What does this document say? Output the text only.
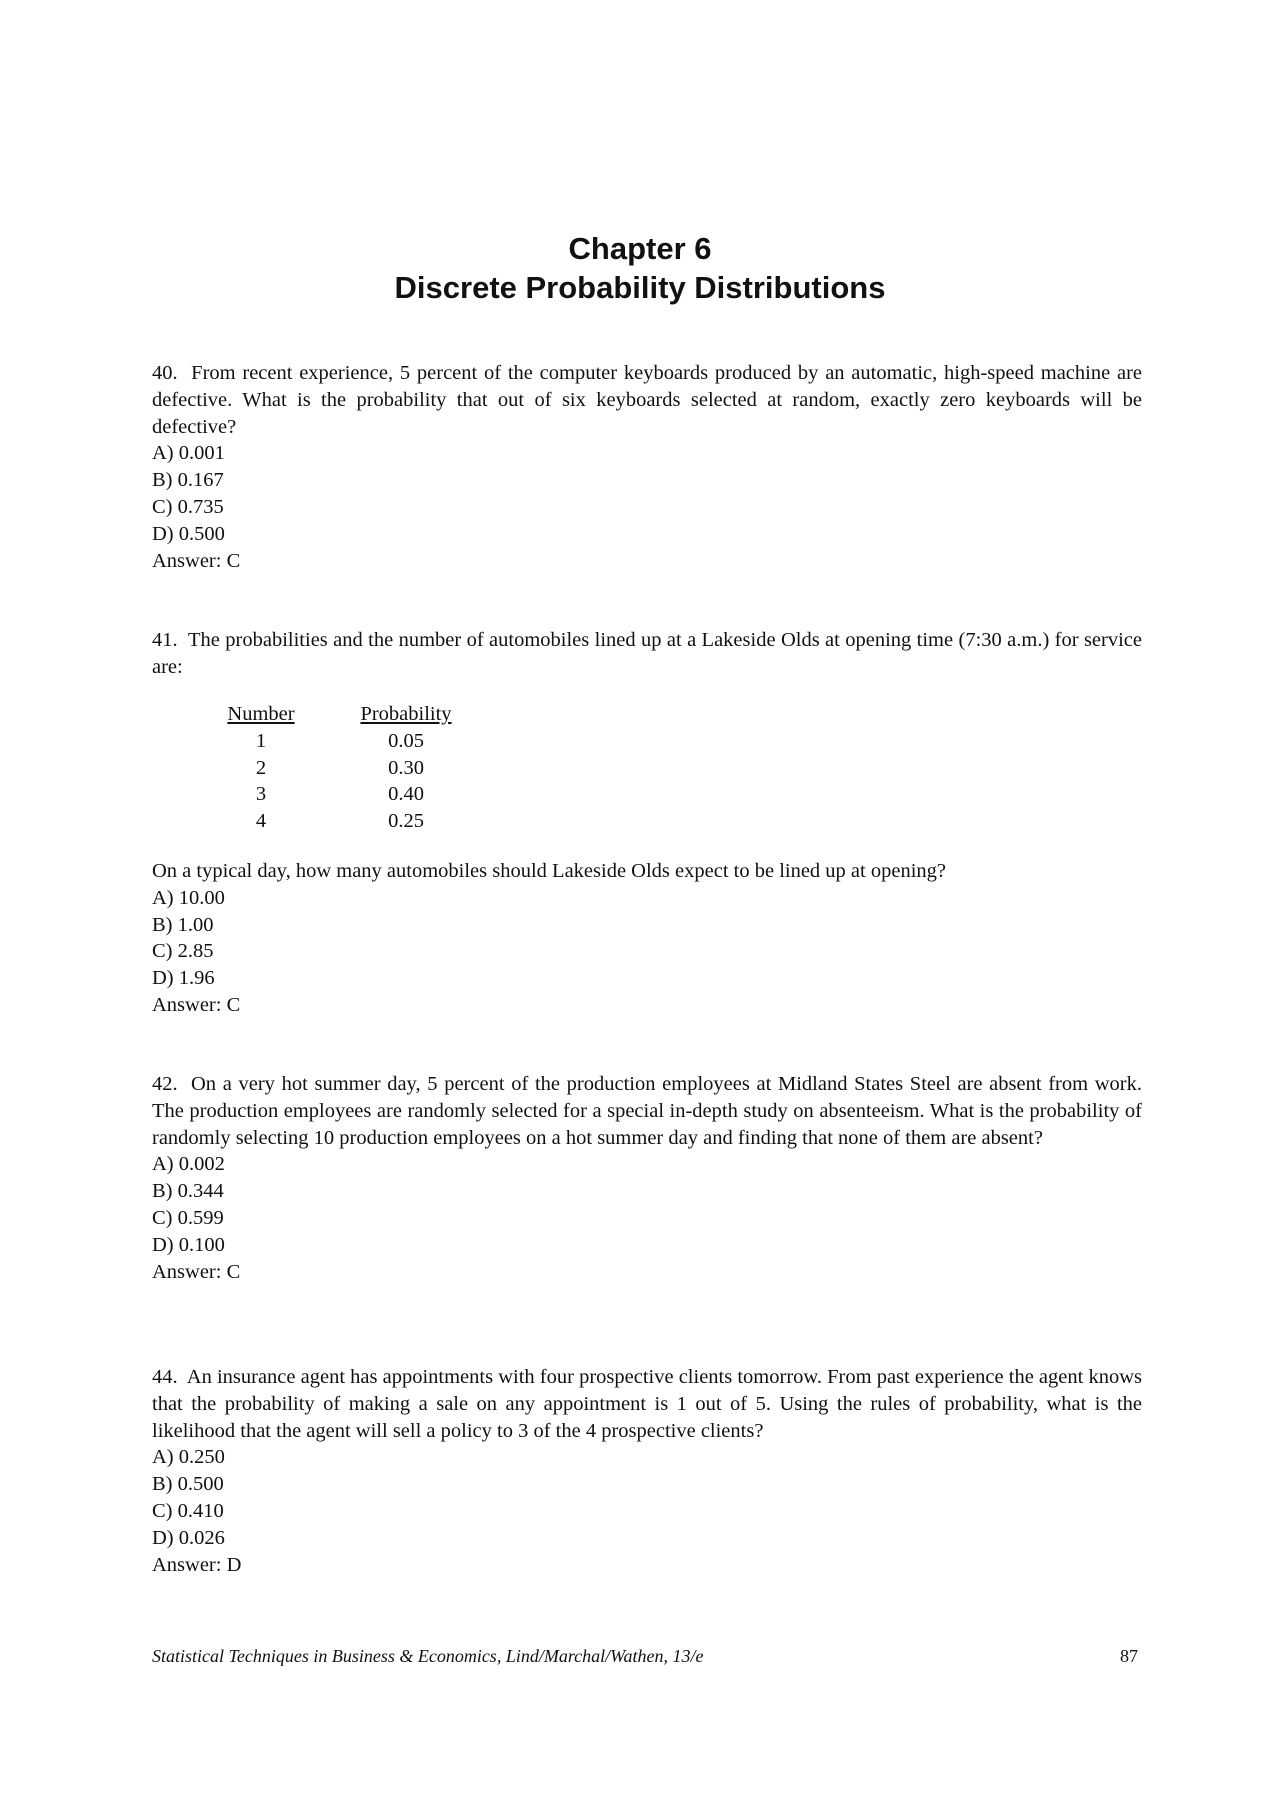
Chapter 6
Discrete Probability Distributions

40. From recent experience, 5 percent of the computer keyboards produced by an automatic, high-speed machine are defective. What is the probability that out of six keyboards selected at random, exactly zero keyboards will be defective?

A) 0.001
B) 0.167
C) 0.735
D) 0.500
Answer: C

41. The probabilities and the number of automobiles lined up at a Lakeside Olds at opening time (7:30 a.m.) for service are:

Number
1
2
3
4
Probability
0.05
0.30
0.40
0.25

On a typical day, how many automobiles should Lakeside Olds expect to be lined up at opening?

A) 10.00
B) 1.00
C) 2.85
D) 1.96
Answer: C

42. On a very hot summer day, 5 percent of the production employees at Midland States Steel are absent from work. The production employees are randomly selected for a special in-depth study on absenteeism. What is the probability of randomly selecting 10 production employees on a hot summer day and finding that none of them are absent?

A) 0.002
B) 0.344
C) 0.599
D) 0.100
Answer: C

44. An insurance agent has appointments with four prospective clients tomorrow. From past experience the agent knows that the probability of making a sale on any appointment is 1 out of 5. Using the rules of probability, what is the likelihood that the agent will sell a policy to 3 of the 4 prospective clients?

A) 0.250
B) 0.500
C) 0.410
D) 0.026
Answer: D
Statistical Techniques in Business & Economics, Lind/Marchal/Wathen, 13/e	87
